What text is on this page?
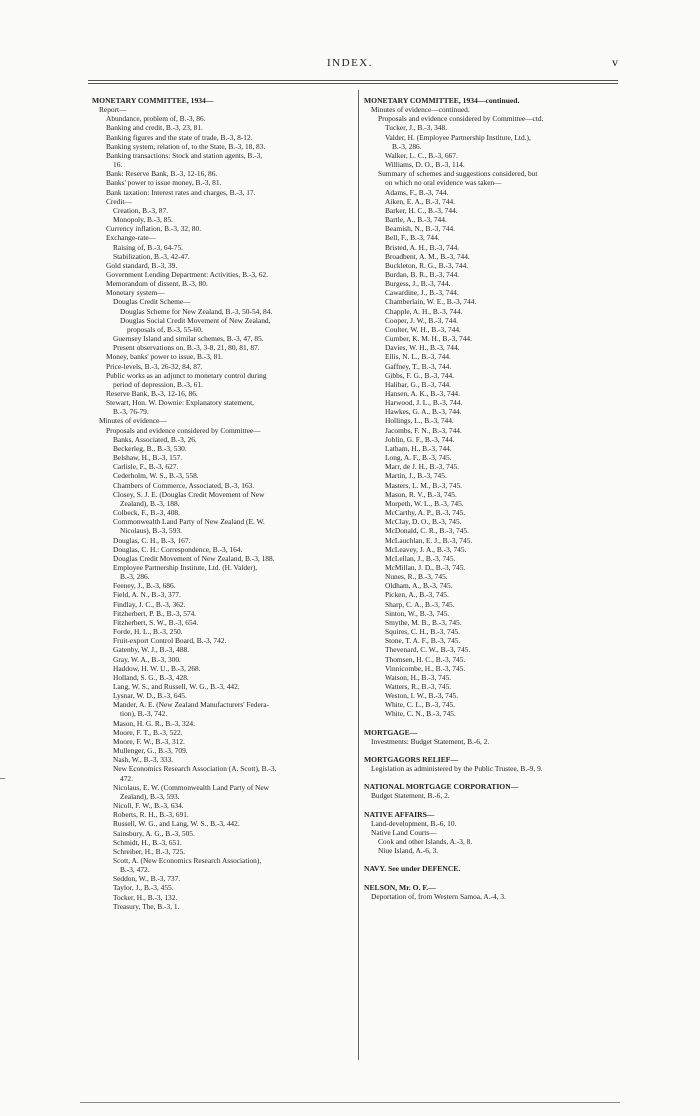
INDEX.	v
MONETARY COMMITTEE, 1934—
Report—
Abundance, problem of, B.-3, 86.
Banking and credit, B.-3, 23, 81.
Banking figures and the state of trade, B.-3, 8-12.
Banking system, relation of, to the State, B.-3, 18, 83.
Banking transactions: Stock and station agents, B.-3,
16.
Bank: Reserve Bank, B.-3, 12-16, 86.
Banks' power to issue money, B.-3, 81.
Bank taxation: Interest rates and charges, B.-3, 17.
Credit—
Creation, B.-3, 87.
Monopoly, B.-3, 85.
Currency inflation, B.-3, 32, 80.
Exchange-rate—
Raising of, B.-3, 64-75.
Stabilization, B.-3, 42-47.
Gold standard, B.-3, 39.
Government Lending Department: Activities, B.-3, 62.
Memorandum of dissent, B.-3, 80.
Monetary system—
Douglas Credit Scheme—
Douglas Scheme for New Zealand, B.-3, 50-54, 84.
Douglas Social Credit Movement of New Zealand,
proposals of, B.-3, 55-60.
Guernsey Island and similar schemes, B.-3, 47, 85.
Present observations on, B.-3, 3-8, 21, 80, 81, 87.
Money, banks' power to issue, B.-3, 81.
Price-levels, B.-3, 26-32, 84, 87.
Public works as an adjunct to monetary control during
period of depression, B.-3, 61.
Reserve Bank, B.-3, 12-16, 86.
Stewart, Hon. W. Downie: Explanatory statement,
B.-3, 76-79.
Minutes of evidence—
Proposals and evidence considered by Committee—
Banks, Associated, B.-3, 26.
Beckerleg, B., B.-3, 530.
Belshaw, H., B.-3, 157.
Carlisle, F., B.-3, 627.
Cederholm, W. S., B.-3, 558.
Chambers of Commerce, Associated, B.-3, 163.
Closey, S. J. E. (Douglas Credit Movement of New
Zealand), B.-3, 188.
Colbeck, F., B.-3, 408.
Commonwealth Land Party of New Zealand (E. W.
Nicolaus), B.-3, 593.
Douglas, C. H., B.-3, 167.
Douglas, C. H.: Correspondence, B.-3, 164.
Douglas Credit Movement of New Zealand, B.-3, 188.
Employee Partnership Institute, Ltd. (H. Valder),
B.-3, 286.
Feeney, J., B.-3, 686.
Field, A. N., B.-3, 377.
Findlay, J. C., B.-3, 362.
Fitzherbert, P. B., B.-3, 574.
Fitzherbert, S. W., B.-3, 654.
Forde, H. L., B.-3, 250.
Fruit-export Control Board, B.-3, 742.
Gatenby, W. J., B.-3, 488.
Gray, W. A., B.-3, 300.
Haddow, H. W. U., B.-3, 268.
Holland, S. G., B.-3, 428.
Lang, W. S., and Russell, W. G., B.-3, 442.
Lysnar, W. D., B.-3, 645.
Mander, A. E. (New Zealand Manufacturers' Federa-
tion), B.-3, 742.
Mason, H. G. R., B.-3, 324.
Moore, F. T., B.-3, 522.
Moore, F. W., B.-3, 312.
Mullenger, G., B.-3, 709.
Nash, W., B.-3, 333.
New Economics Research Association (A. Scott), B.-3,
472.
Nicolaus, E. W. (Commonwealth Land Party of New
Zealand), B.-3, 593.
Nicoll, F. W., B.-3, 634.
Roberts, R. H., B.-3, 691.
Russell, W. G., and Lang, W. S., B.-3, 442.
Sainsbury, A. G., B.-3, 505.
Schmidt, H., B.-3, 651.
Schreiber, H., B.-3, 725.
Scott, A. (New Economics Research Association),
B.-3, 472.
Seddon, W., B.-3, 737.
Taylor, J., B.-3, 455.
Tocker, H., B.-3, 132.
Treasury, The, B.-3, 1.
MONETARY COMMITTEE, 1934—continued.
Minutes of evidence—continued.
Proposals and evidence considered by Committee—ctd.
Tucker, J., B.-3, 348.
Valder, H. (Employee Partnership Institute, Ltd.),
B.-3, 286.
Walker, L. C., B.-3, 667.
Williams, D. O., B.-3, 114.
Summary of schemes and suggestions considered, but
on which no oral evidence was taken—
Adams, F., B.-3, 744.
Aiken, E. A., B.-3, 744.
Barker, H. C., B.-3, 744.
Bartle, A., B.-3, 744.
Beamish, N., B.-3, 744.
Bell, F., B.-3, 744.
Bristed, A. H., B.-3, 744.
Broadbent, A. M., B.-3, 744.
Buckleton, R. G., B.-3, 744.
Burdan, B. R., B.-3, 744.
Burgess, J., B.-3, 744.
Cawardine, J., B.-3, 744.
Chamberlain, W. E., B.-3, 744.
Chapple, A. H., B.-3, 744.
Cooper, J. W., B.-3, 744.
Coulter, W. H., B.-3, 744.
Cumber, K. M. H., B.-3, 744.
Davies, W. H., B.-3, 744.
Ellis, N. L., B.-3, 744.
Gaffney, T., B.-3, 744.
Gibbs, F. G., B.-3, 744.
Halibar, G., B.-3, 744.
Hansen, A. K., B.-3, 744.
Harwood, J. L., B.-3, 744.
Hawkes, G. A., B.-3, 744.
Hollings, L., B.-3, 744.
Jacombs, F. N., B.-3, 744.
Joblin, G. F., B.-3, 744.
Latham, H., B.-3, 744.
Long, A. F., B.-3, 745.
Marr, de J. H., B.-3, 745.
Martin, J., B.-3, 745.
Masters, L. M., B.-3, 745.
Mason, R. V., B.-3, 745.
Morpeth, W. L., B.-3, 745.
McCarthy, A. P., B.-3, 745.
McClay, D. O., B.-3, 745.
McDonald, C. R., B.-3, 745.
McLauchlan, E. J., B.-3, 745.
McLeavey, J. A., B.-3, 745.
McLellan, J., B.-3, 745.
McMillan, J. D., B.-3, 745.
Nunes, R., B.-3, 745.
Oldham, A., B.-3, 745.
Picken, A., B.-3, 745.
Sharp, C. A., B.-3, 745.
Sinton, W., B.-3, 745.
Smythe, M. B., B.-3, 745.
Squires, C. H., B.-3, 745.
Stone, T. A. F., B.-3, 745.
Thevenard, C. W., B.-3, 745.
Thomsen, H. C., B.-3, 745.
Vinnicombe, H., B.-3, 745.
Watson, H., B.-3, 745.
Watters, R., B.-3, 745.
Weston, I. W., B.-3, 745.
White, C. L., B.-3, 745.
White, C. N., B.-3, 745.
MORTGAGE—
Investments: Budget Statement, B.-6, 2.
MORTGAGORS RELIEF—
Legislation as administered by the Public Trustee, B.-9, 9.
NATIONAL MORTGAGE CORPORATION—
Budget Statement, B.-6, 2.
NATIVE AFFAIRS—
Land-development, B.-6, 10.
Native Land Courts—
Cook and other Islands, A.-3, 8.
Niue Island, A.-6, 3.
NAVY. See under DEFENCE.
NELSON, Mr. O. F.—
Deportation of, from Western Samoa, A.-4, 3.
